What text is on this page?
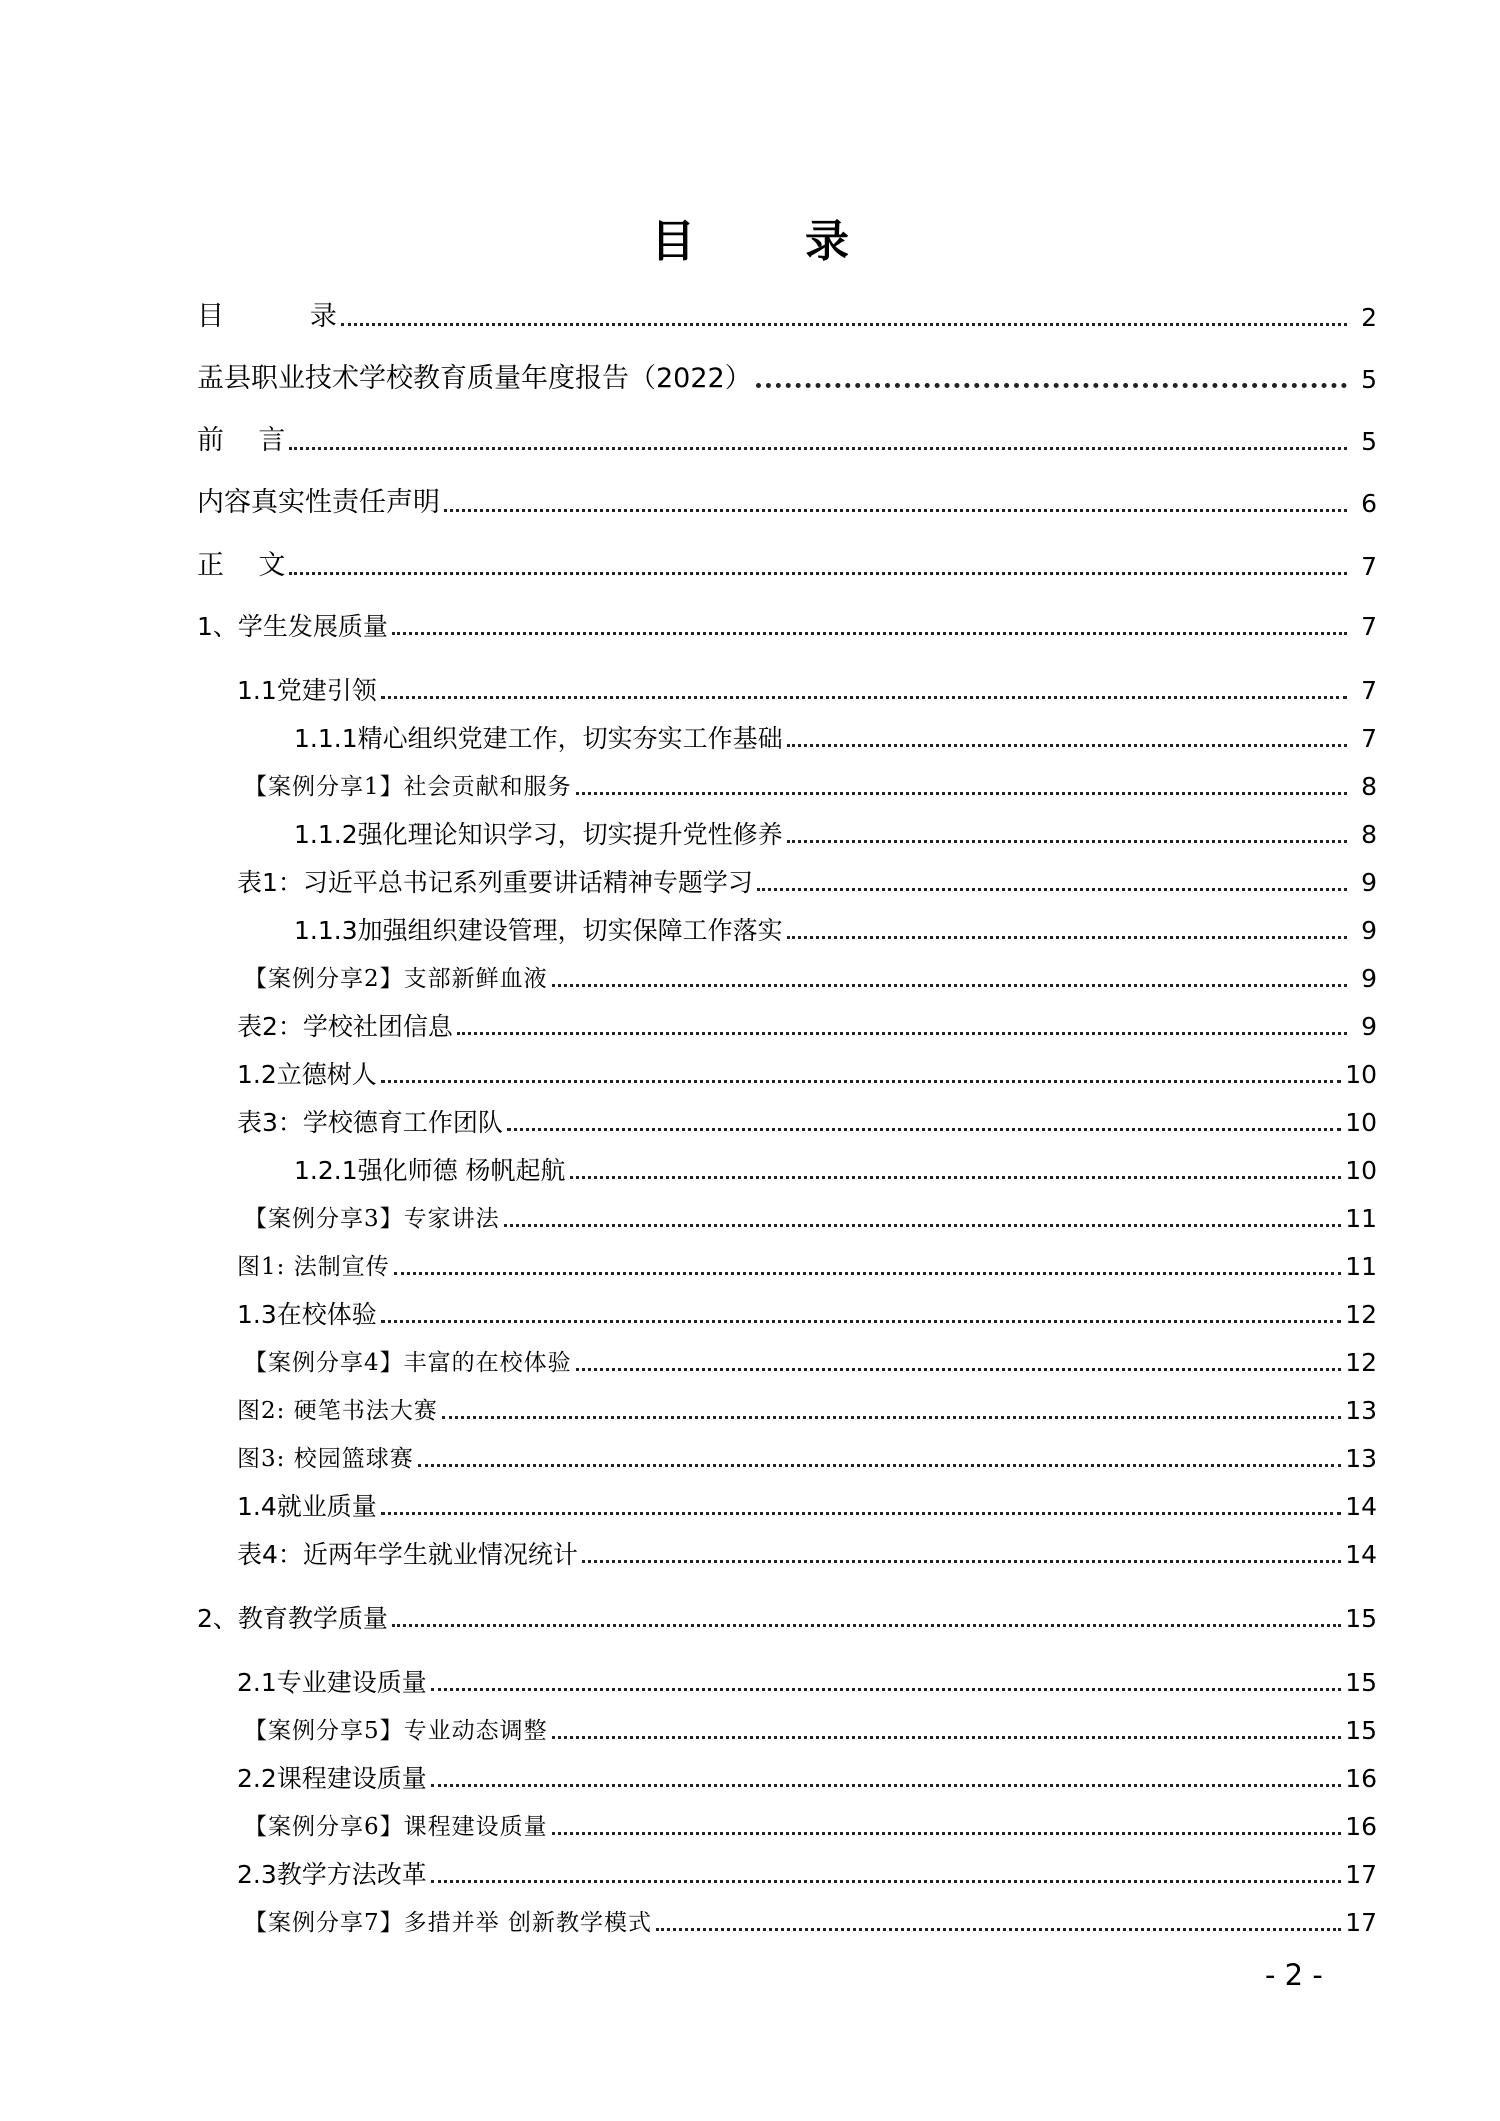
目	录
目          录	2
盂县职业技术学校教育质量年度报告（2022）	5
前    言	5
内容真实性责任声明	6
正    文	7
1、学生发展质量	7
1.1党建引领	7
1.1.1精心组织党建工作，切实夯实工作基础	7
【案例分享1】社会贡献和服务	8
1.1.2强化理论知识学习，切实提升党性修养	8
表1：习近平总书记系列重要讲话精神专题学习	9
1.1.3加强组织建设管理，切实保障工作落实	9
【案例分享2】支部新鲜血液	9
表2：学校社团信息	9
1.2立德树人	10
表3：学校德育工作团队	10
1.2.1强化师德 杨帆起航	10
【案例分享3】专家讲法	11
图1: 法制宣传	11
1.3在校体验	12
【案例分享4】丰富的在校体验	12
图2: 硬笔书法大赛	13
图3: 校园篮球赛	13
1.4就业质量	14
表4：近两年学生就业情况统计	14
2、教育教学质量	15
2.1专业建设质量	15
【案例分享5】专业动态调整	15
2.2课程建设质量	16
【案例分享6】课程建设质量	16
2.3教学方法改革	17
【案例分享7】多措并举 创新教学模式	17
- 2 -
